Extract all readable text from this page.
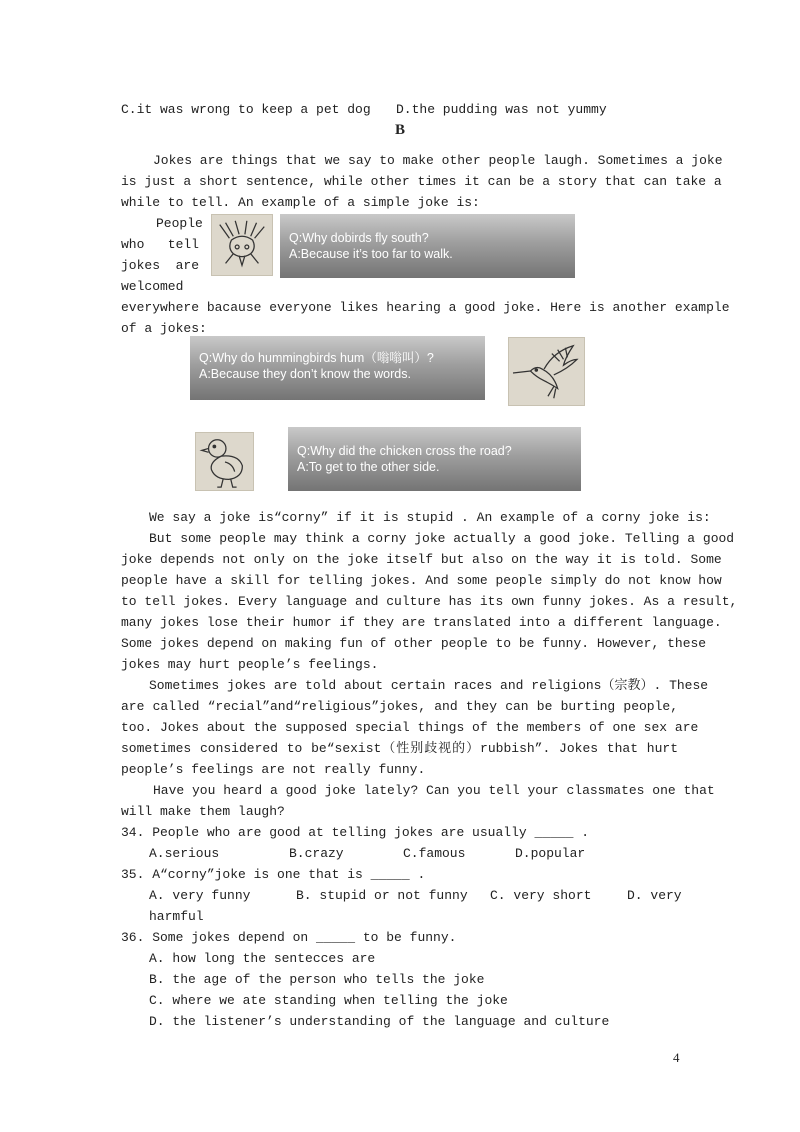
C.it was wrong to keep a pet dog D.the pudding was not yummy
B
Jokes are things that we say to make other people laugh. Sometimes a joke
is just a short sentence, while other times it can be a story that can take a
while to tell. An example of a simple joke is:
People
who tell
jokes are
welcomed
Q:Why dobirds fly south?
A:Because it’s too far to walk.
everywhere bacause everyone likes hearing a good joke. Here is another example
of a jokes:
Q:Why do hummingbirds hum（嗡嗡叫）?
A:Because they don’t know the words.
Q:Why did the chicken cross the road?
A:To get to the other side.
We say a joke is“corny” if it is stupid . An example of a corny joke is:
But some people may think a corny joke actually a good joke. Telling a good
joke depends not only on the joke itself but also on the way it is told. Some
people have a skill for telling jokes. And some people simply do not know how
to tell jokes. Every language and culture has its own funny jokes. As a result,
many jokes lose their humor if they are translated into a different language.
Some jokes depend on making fun of other people to be funny. However, these
jokes may hurt people’s feelings.
Sometimes jokes are told about certain races and religions（宗教）. These
are called “recial”and“religious”jokes, and they can be burting people,
too. Jokes about the supposed special things of the members of one sex are
sometimes considered to be“sexist（性别歧视的）rubbish”. Jokes that hurt
people’s feelings are not really funny.
Have you heard a good joke lately? Can you tell your classmates one that
will make them laugh?
34. People who are good at telling jokes are usually _____ .
A.serious	B.crazy	C.famous	D.popular
35. A“corny”joke is one that is _____ .
A. very funny	B. stupid or not funny C. very short	D. very
harmful
36. Some jokes depend on _____ to be funny.
A. how long the sentecces are
B. the age of the person who tells the joke
C. where we ate standing when telling the joke
D. the listener’s understanding of the language and culture
4
